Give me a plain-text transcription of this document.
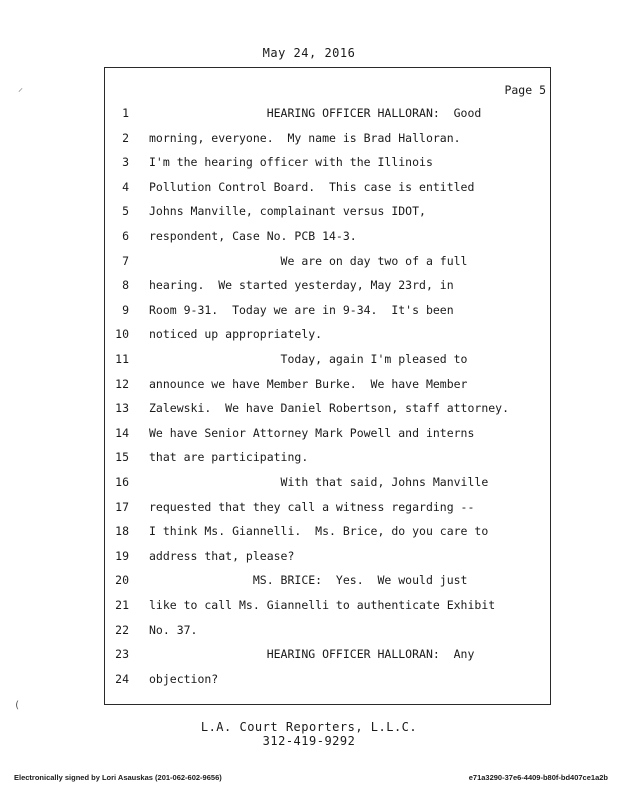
May 24, 2016
Page 5
1 HEARING OFFICER HALLORAN:  Good
2 morning, everyone.  My name is Brad Halloran.
3 I'm the hearing officer with the Illinois
4 Pollution Control Board.  This case is entitled
5 Johns Manville, complainant versus IDOT,
6 respondent, Case No. PCB 14-3.
7 We are on day two of a full
8 hearing.  We started yesterday, May 23rd, in
9 Room 9-31.  Today we are in 9-34.  It's been
10 noticed up appropriately.
11 Today, again I'm pleased to
12 announce we have Member Burke.  We have Member
13 Zalewski.  We have Daniel Robertson, staff attorney.
14 We have Senior Attorney Mark Powell and interns
15 that are participating.
16 With that said, Johns Manville
17 requested that they call a witness regarding --
18 I think Ms. Giannelli.  Ms. Brice, do you care to
19 address that, please?
20 MS. BRICE:  Yes.  We would just
21 like to call Ms. Giannelli to authenticate Exhibit
22 No. 37.
23 HEARING OFFICER HALLORAN:  Any
24 objection?
L.A. Court Reporters, L.L.C.
312-419-9292
Electronically signed by Lori Asauskas (201-062-602-9656)	e71a3290-37e6-4409-b80f-bd407ce1a2b
⸝
(
